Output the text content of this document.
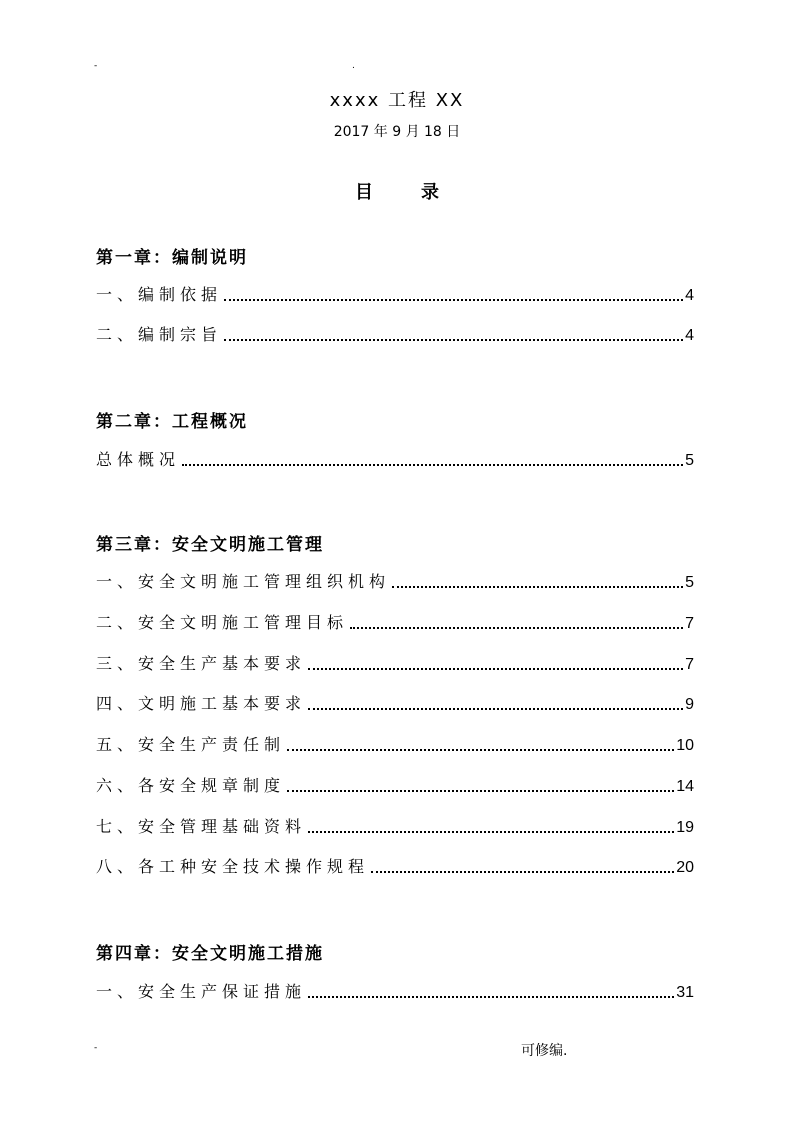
-	.
xxxx 工程 XX
2017 年 9 月 18 日
目录
第一章：编制说明
一、编制依据	4
二、编制宗旨	4
第二章：工程概况
总体概况	5
第三章：安全文明施工管理
一、安全文明施工管理组织机构	5
二、安全文明施工管理目标	7
三、安全生产基本要求	7
四、文明施工基本要求	9
五、安全生产责任制	10
六、各安全规章制度	14
七、安全管理基础资料	19
八、各工种安全技术操作规程	20
第四章：安全文明施工措施
一、安全生产保证措施	31
-	可修编.
